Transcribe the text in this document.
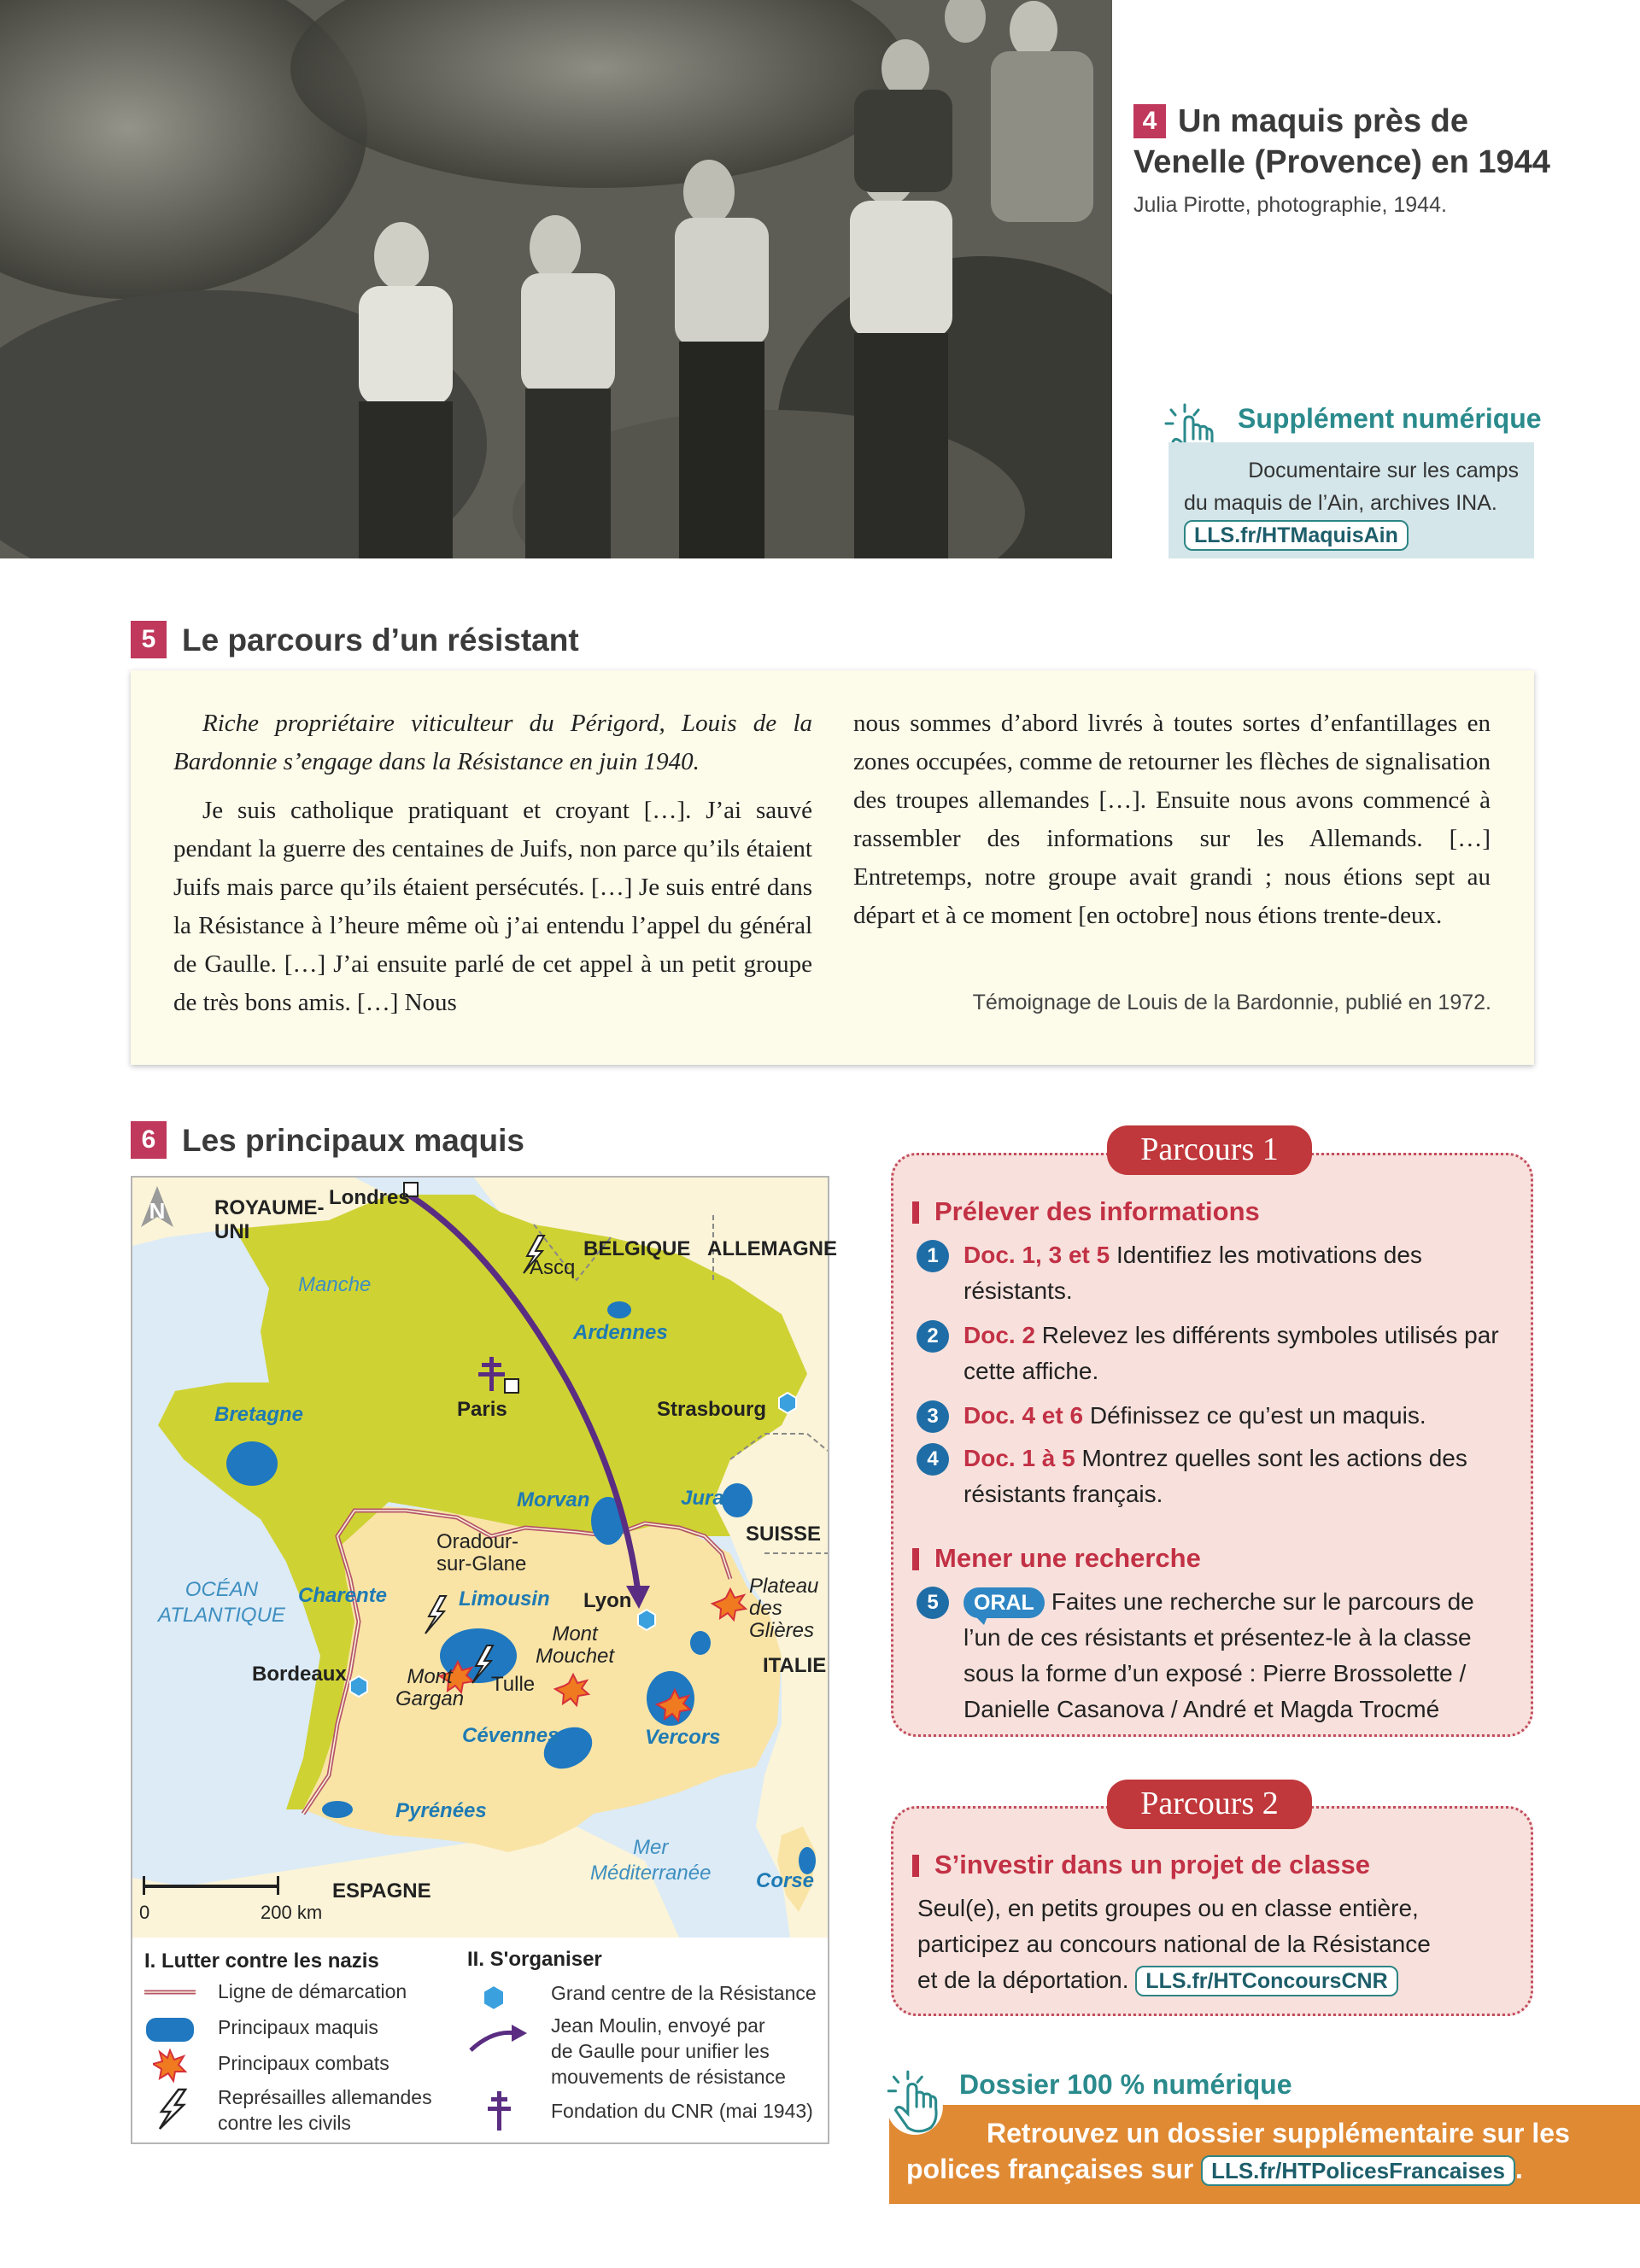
4 Un maquis près de
Venelle (Provence) en 1944
Julia Pirotte, photographie, 1944.
Supplément numérique
Documentaire sur les camps
du maquis de l’Ain, archives INA.
LLS.fr/HTMaquisAin
5 Le parcours d’un résistant

Riche propriétaire viticulteur du Périgord, Louis de la Bardonnie s’engage dans la Résistance en juin 1940.

Je suis catholique pratiquant et croyant […]. J’ai sauvé pendant la guerre des centaines de Juifs, non parce qu’ils étaient Juifs mais parce qu’ils étaient persécutés. […] Je suis entré dans la Résistance à l’heure même où j’ai entendu l’appel du général de Gaulle. […] J’ai ensuite parlé de cet appel à un petit groupe de très bons amis. […] Nous

nous sommes d’abord livrés à toutes sortes d’enfantillages en zones occupées, comme de retourner les flèches de signalisation des troupes allemandes […]. Ensuite nous avons commencé à rassembler des informations sur les Allemands. […] Entretemps, notre groupe avait grandi ; nous étions sept au départ et à ce moment [en octobre] nous étions trente-deux.

Témoignage de Louis de la Bardonnie, publié en 1972.
6 Les principaux maquis
N ROYAUME-
UNI
Londres
BELGIQUE ALLEMAGNE
Ascq
Manche
Ardennes
Bretagne	Paris	Strasbourg
Morvan	Jura
SUISSE
Oradour-
sur-Glane
OCÉAN
ATLANTIQUE
Charente	Limousin Lyon
Plateau
des
Glières
Mont
Mouchet	ITALIE
Bordeaux	Mont
Gargan
Tulle
Cévennes	Vercors
Pyrénées
Mer
Méditerranée Corse
ESPAGNE
0	200 km
I. Lutter contre les nazis	II. S'organiser
Ligne de démarcation
Principaux maquis
Principaux combats
Représailles allemandes
contre les civils
Grand centre de la Résistance
Jean Moulin, envoyé par
de Gaulle pour unifier les
mouvements de résistance
Fondation du CNR (mai 1943)
Parcours 1
Prélever des informations
1	Doc. 1, 3 et 5 Identifiez les motivations des résistants.
2	Doc. 2 Relevez les différents symboles utilisés par cette affiche.
3	Doc. 4 et 6 Définissez ce qu’est un maquis.
4	Doc. 1 à 5 Montrez quelles sont les actions des résistants français.
Mener une recherche
5	ORAL Faites une recherche sur le parcours de l’un de ces résistants et présentez-le à la classe sous la forme d’un exposé : Pierre Brossolette / Danielle Casanova / André et Magda Trocmé
Parcours 2
S’investir dans un projet de classe
Seul(e), en petits groupes ou en classe entière,
participez au concours national de la Résistance
et de la déportation. LLS.fr/HTConcoursCNR
Retrouvez un dossier supplémentaire sur les
polices françaises sur LLS.fr/HTPolicesFrancaises .
Dossier 100 % numérique
